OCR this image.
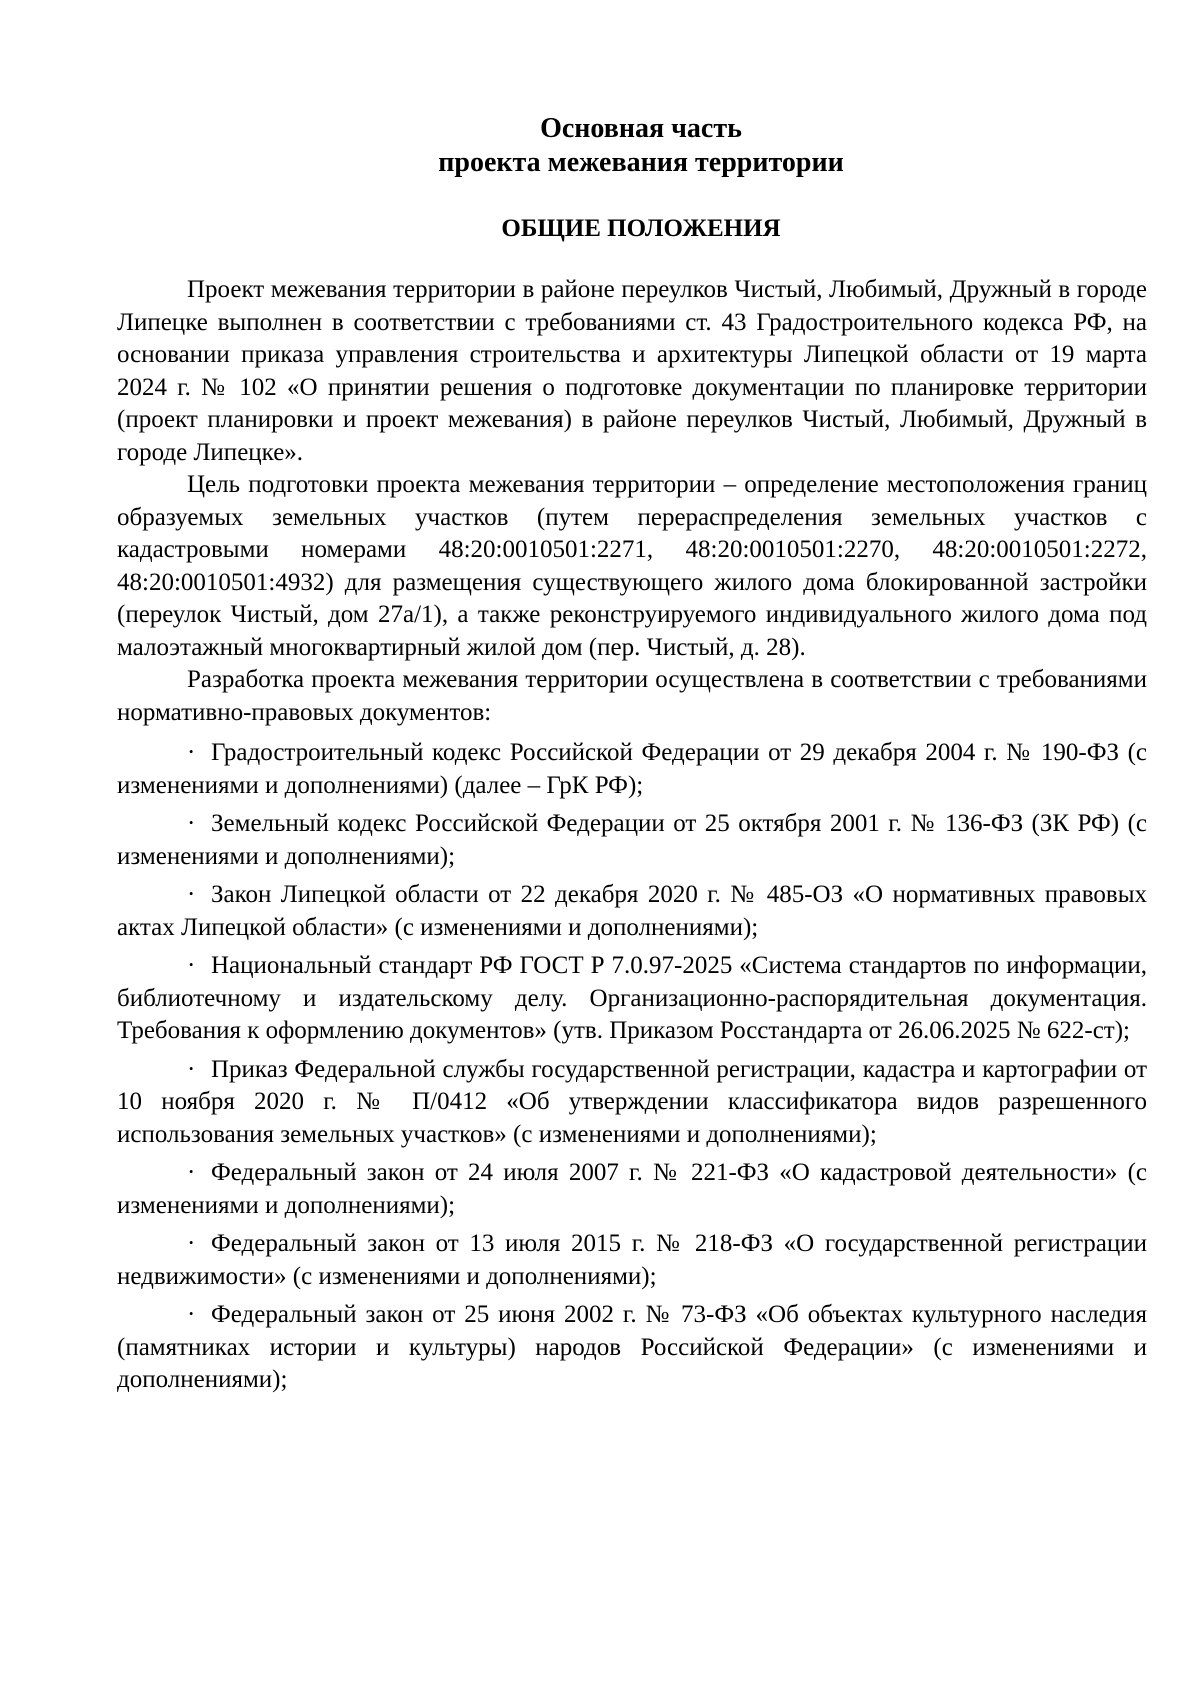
Основная часть

проекта межевания территории

ОБЩИЕ ПОЛОЖЕНИЯ

Проект межевания территории в районе переулков Чистый, Любимый, Дружный в городе Липецке выполнен в соответствии с требованиями ст. 43 Градостроительного кодекса РФ, на основании приказа управления строительства и архитектуры Липецкой области от 19 марта 2024 г. № 102 «О принятии решения о подготовке документации по планировке территории (проект планировки и проект межевания) в районе переулков Чистый, Любимый, Дружный в городе Липецке».

Цель подготовки проекта межевания территории – определение местоположения границ образуемых земельных участков (путем перераспределения земельных участков с кадастровыми номерами 48:20:0010501:2271, 48:20:0010501:2270, 48:20:0010501:2272, 48:20:0010501:4932) для размещения существующего жилого дома блокированной застройки (переулок Чистый, дом 27а/1), а также реконструируемого индивидуального жилого дома под малоэтажный многоквартирный жилой дом (пер. Чистый, д. 28).

Разработка проекта межевания территории осуществлена в соответствии с требованиями нормативно-правовых документов:

· Градостроительный кодекс Российской Федерации от 29 декабря 2004 г. № 190-ФЗ (с изменениями и дополнениями) (далее – ГрК РФ);
· Земельный кодекс Российской Федерации от 25 октября 2001 г. № 136-ФЗ (ЗК РФ) (с изменениями и дополнениями);
· Закон Липецкой области от 22 декабря 2020 г. № 485-ОЗ «О нормативных правовых актах Липецкой области» (с изменениями и дополнениями);
· Национальный стандарт РФ ГОСТ Р 7.0.97-2025 «Система стандартов по информации, библиотечному и издательскому делу. Организационно-распорядительная документация. Требования к оформлению документов» (утв. Приказом Росстандарта от 26.06.2025 № 622-ст);
· Приказ Федеральной службы государственной регистрации, кадастра и картографии от 10 ноября 2020 г. № П/0412 «Об утверждении классификатора видов разрешенного использования земельных участков» (с изменениями и дополнениями);
· Федеральный закон от 24 июля 2007 г. № 221-ФЗ «О кадастровой деятельности» (с изменениями и дополнениями);
· Федеральный закон от 13 июля 2015 г. № 218-ФЗ «О государственной регистрации недвижимости» (с изменениями и дополнениями);
· Федеральный закон от 25 июня 2002 г. № 73-ФЗ «Об объектах культурного наследия (памятниках истории и культуры) народов Российской Федерации» (с изменениями и дополнениями);
